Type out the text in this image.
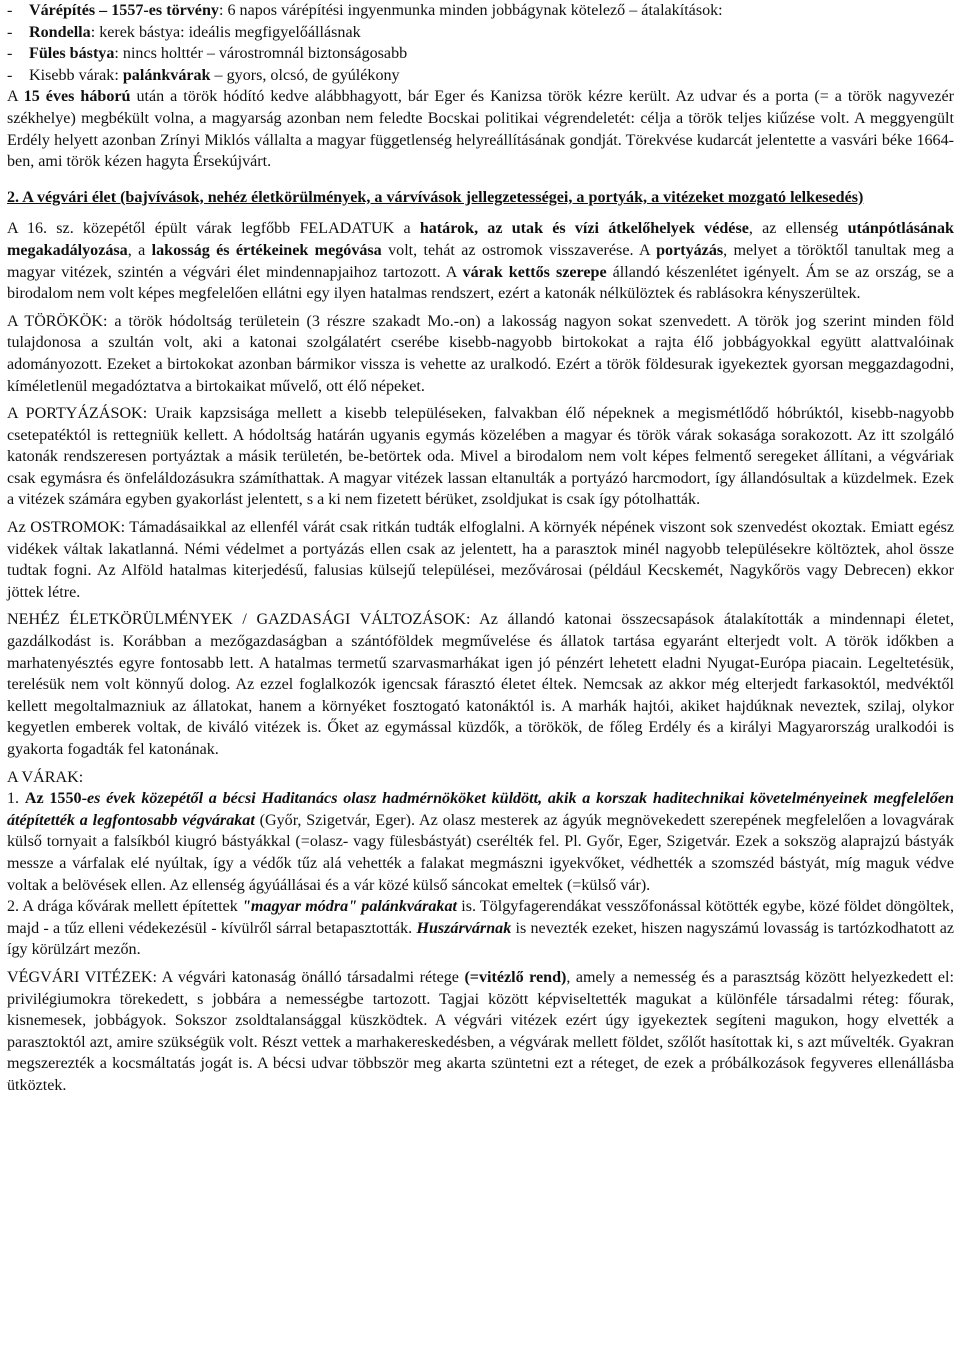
- Várépítés – 1557-es törvény: 6 napos várépítési ingyenmunka minden jobbágynak kötelező – átalakítások:
- Rondella: kerek bástya: ideális megfigyelőállásnak
- Füles bástya: nincs holttér – várostromnál biztonságosabb
- Kisebb várak: palánkvárak – gyors, olcsó, de gyúlékony

A 15 éves háború után a török hódító kedve alábbhagyott, bár Eger és Kanizsa török kézre került. Az udvar és a porta (= a török nagyvezér székhelye) megbékült volna, a magyarság azonban nem feledte Bocskai politikai végrendeletét: célja a török teljes kiűzése volt. A meggyengült Erdély helyett azonban Zrínyi Miklós vállalta a magyar függetlenség helyreállításának gondját. Törekvése kudarcát jelentette a vasvári béke 1664-ben, ami török kézen hagyta Érsekújvárt.

2. A végvári élet (bajvívások, nehéz életkörülmények, a várvívások jellegzetességei, a portyák, a vitézeket mozgató lelkesedés)

A 16. sz. közepétől épült várak legfőbb FELADATUK a határok, az utak és vízi átkelőhelyek védése, az ellenség utánpótlásának megakadályozása, a lakosság és értékeinek megóvása volt, tehát az ostromok visszaverése. A portyázás, melyet a töröktől tanultak meg a magyar vitézek, szintén a végvári élet mindennapjaihoz tartozott. A várak kettős szerepe állandó készenlétet igényelt. Ám se az ország, se a birodalom nem volt képes megfelelően ellátni egy ilyen hatalmas rendszert, ezért a katonák nélkülöztek és rablásokra kényszerültek.

A TÖRÖKÖK: a török hódoltság területein (3 részre szakadt Mo.-on) a lakosság nagyon sokat szenvedett. A török jog szerint minden föld tulajdonosa a szultán volt, aki a katonai szolgálatért cserébe kisebb-nagyobb birtokokat a rajta élő jobbágyokkal együtt alattvalóinak adományozott. Ezeket a birtokokat azonban bármikor vissza is vehette az uralkodó. Ezért a török földesurak igyekeztek gyorsan meggazdagodni, kíméletlenül megadóztatva a birtokaikat művelő, ott élő népeket.

A PORTYÁZÁSOK: Uraik kapzsisága mellett a kisebb településeken, falvakban élő népeknek a megismétlődő hóbrúktól, kisebb-nagyobb csetepatéktól is rettegniük kellett. A hódoltság határán ugyanis egymás közelében a magyar és török várak sokasága sorakozott. Az itt szolgáló katonák rendszeresen portyáztak a másik területén, be-betörtek oda. Mivel a birodalom nem volt képes felmentő seregeket állítani, a végváriak csak egymásra és önfeláldozásukra számíthattak. A magyar vitézek lassan eltanulták a portyázó harcmodort, így állandósultak a küzdelmek. Ezek a vitézek számára egyben gyakorlást jelentett, s a ki nem fizetett bérüket, zsoldjukat is csak így pótolhatták.

Az OSTROMOK: Támadásaikkal az ellenfél várát csak ritkán tudták elfoglalni. A környék népének viszont sok szenvedést okoztak. Emiatt egész vidékek váltak lakatlanná. Némi védelmet a portyázás ellen csak az jelentett, ha a parasztok minél nagyobb településekre költöztek, ahol össze tudtak fogni. Az Alföld hatalmas kiterjedésű, falusias külsejű települései, mezővárosai (például Kecskemét, Nagykőrös vagy Debrecen) ekkor jöttek létre.

NEHÉZ ÉLETKÖRÜLMÉNYEK / GAZDASÁGI VÁLTOZÁSOK: Az állandó katonai összecsapások átalakították a mindennapi életet, gazdálkodást is. Korábban a mezőgazdaságban a szántóföldek megművelése és állatok tartása egyaránt elterjedt volt. A török időkben a marhatenyésztés egyre fontosabb lett. A hatalmas termetű szarvasmarhákat igen jó pénzért lehetett eladni Nyugat-Európa piacain. Legeltetésük, terelésük nem volt könnyű dolog. Az ezzel foglalkozók igencsak fárasztó életet éltek. Nemcsak az akkor még elterjedt farkasoktól, medvéktől kellett megoltalmazniuk az állatokat, hanem a környéket fosztogató katonáktól is. A marhák hajtói, akiket hajdúknak neveztek, szilaj, olykor kegyetlen emberek voltak, de kiváló vitézek is. Őket az egymással küzdők, a törökök, de főleg Erdély és a királyi Magyarország uralkodói is gyakorta fogadták fel katonának.

A VÁRAK:

1. Az 1550-es évek közepétől a bécsi Haditanács olasz hadmérnököket küldött, akik a korszak haditechnikai követelményeinek megfelelően átépítették a legfontosabb végvárakat (Győr, Szigetvár, Eger). Az olasz mesterek az ágyúk megnövekedett szerepének megfelelően a lovagvárak külső tornyait a falsíkból kiugró bástyákkal (=olasz- vagy fülesbástyát) cserélték fel. Pl. Győr, Eger, Szigetvár. Ezek a sokszög alaprajzú bástyák messze a várfalak elé nyúltak, így a védők tűz alá vehették a falakat megmászni igyekvőket, védhették a szomszéd bástyát, míg maguk védve voltak a belövések ellen. Az ellenség ágyúállásai és a vár közé külső sáncokat emeltek (=külső vár).

2. A drága kővárak mellett építettek "magyar módra" palánkvárakat is. Tölgyfagerendákat vesszőfonással kötötték egybe, közé földet döngöltek, majd - a tűz elleni védekezésül - kívülről sárral betapasztották. Huszárvárnak is nevezték ezeket, hiszen nagyszámú lovasság is tartózkodhatott az így körülzárt mezőn.

VÉGVÁRI VITÉZEK: A végvári katonaság önálló társadalmi rétege (=vitézlő rend), amely a nemesség és a parasztság között helyezkedett el: privilégiumokra törekedett, s jobbára a nemességbe tartozott. Tagjai között képviseltették magukat a különféle társadalmi réteg: főurak, kisnemesek, jobbágyok. Sokszor zsoldtalansággal küszködtek. A végvári vitézek ezért úgy igyekeztek segíteni magukon, hogy elvették a parasztoktól azt, amire szükségük volt. Részt vettek a marhakereskedésben, a végvárak mellett földet, szőlőt hasítottak ki, s azt művelték. Gyakran megszerezték a kocsmáltatás jogát is. A bécsi udvar többször meg akarta szüntetni ezt a réteget, de ezek a próbálkozások fegyveres ellenállásba ütköztek.
